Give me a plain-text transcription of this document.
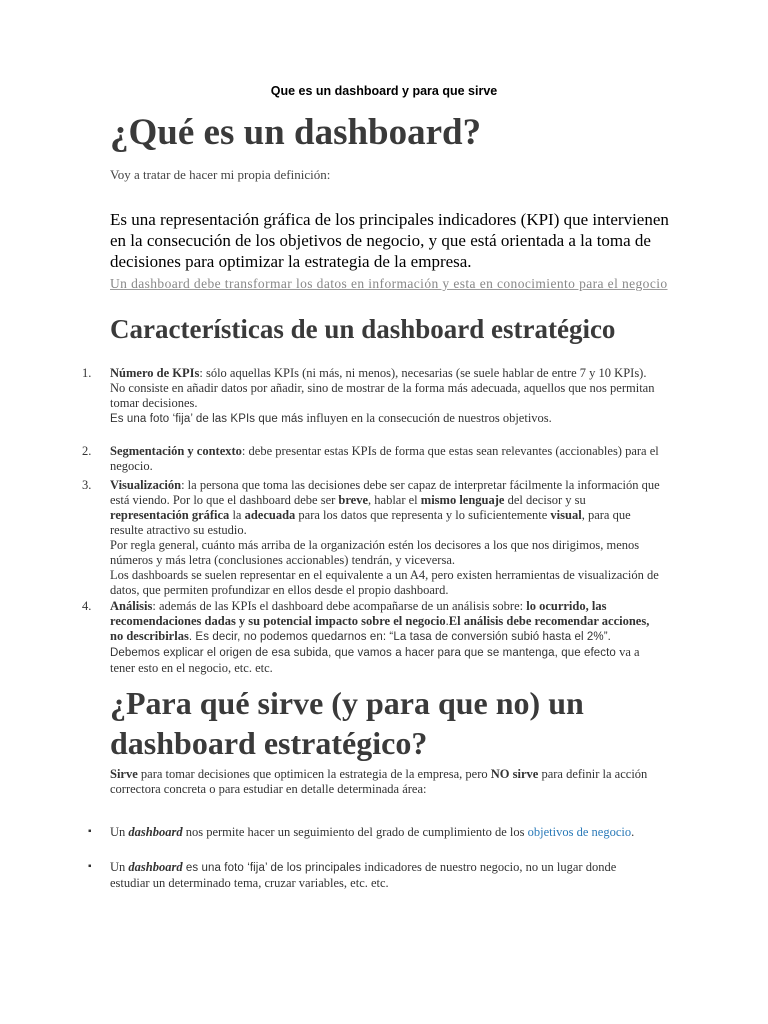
Que es un dashboard y para que sirve
¿Qué es un dashboard?

Voy a tratar de hacer mi propia definición:

Es una representación gráfica de los principales indicadores (KPI) que intervienen en la consecución de los objetivos de negocio, y que está orientada a la toma de decisiones para optimizar la estrategia de la empresa.

Un dashboard debe transformar los datos en información y esta en conocimiento para el negocio

Características de un dashboard estratégico
1. Número de KPIs: sólo aquellas KPIs (ni más, ni menos), necesarias (se suele hablar de entre 7 y 10 KPIs).
No consiste en añadir datos por añadir, sino de mostrar de la forma más adecuada, aquellos que nos permitan tomar decisiones.
Es una foto ‘fija’ de las KPIs que más influyen en la consecución de nuestros objetivos.
2. Segmentación y contexto: debe presentar estas KPIs de forma que estas sean relevantes (accionables) para el negocio.
3. Visualización: la persona que toma las decisiones debe ser capaz de interpretar fácilmente la información que está viendo. Por lo que el dashboard debe ser breve, hablar el mismo lenguaje del decisor y su representación gráfica la adecuada para los datos que representa y lo suficientemente visual, para que resulte atractivo su estudio.
Por regla general, cuánto más arriba de la organización estén los decisores a los que nos dirigimos, menos números y más letra (conclusiones accionables) tendrán, y viceversa.
Los dashboards se suelen representar en el equivalente a un A4, pero existen herramientas de visualización de datos, que permiten profundizar en ellos desde el propio dashboard.
4. Análisis: además de las KPIs el dashboard debe acompañarse de un análisis sobre: lo ocurrido, las recomendaciones dadas y su potencial impacto sobre el negocio.El análisis debe recomendar acciones, no describirlas. Es decir, no podemos quedarnos en: “La tasa de conversión subió hasta el 2%”. Debemos explicar el origen de esa subida, que vamos a hacer para que se mantenga, que efecto va a tener esto en el negocio, etc. etc.
¿Para qué sirve (y para que no) un dashboard estratégico?

Sirve para tomar decisiones que optimicen la estrategia de la empresa, pero NO sirve para definir la acción correctora concreta o para estudiar en detalle determinada área:

▪ Un dashboard nos permite hacer un seguimiento del grado de cumplimiento de los objetivos de negocio.
▪ Un dashboard es una foto ‘fija’ de los principales indicadores de nuestro negocio, no un lugar donde estudiar un determinado tema, cruzar variables, etc. etc.
